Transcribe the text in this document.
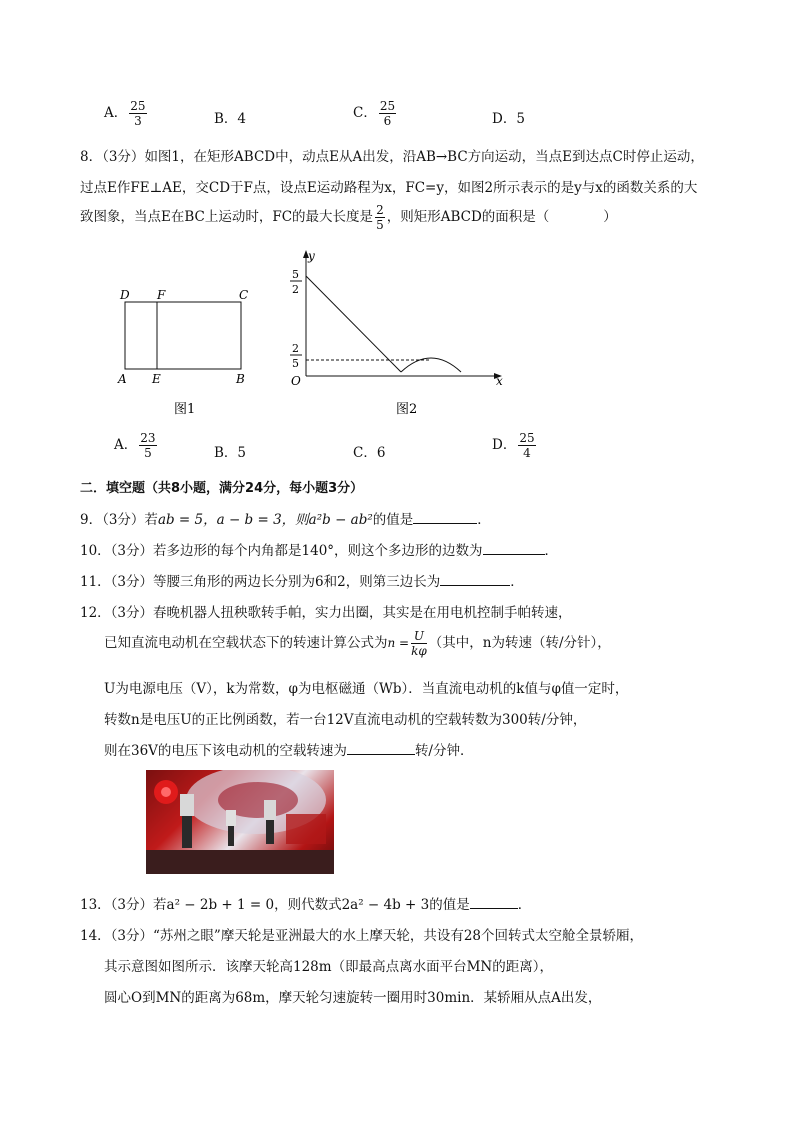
A． $\frac{25}{3}$	B．4	C． $\frac{25}{6}$	D．5
8．（3分）如图1，在矩形ABCD中，动点E从A出发，沿AB→BC方向运动，当点E到达点C时停止运动，
过点E作FE⊥AE，交CD于F点，设点E运动路程为x，FC=y，如图2所示表示的是y与x的函数关系的大
致图象，当点E在BC上运动时，FC的最大长度是 $\frac{2}{5}$ ，则矩形ABCD的面积是（　　　　）
D F	C
A E	B
图1
y
x
O
5
2
2
5
图2
A． $\frac{23}{5}$	B．5	C．6	D． $\frac{25}{4}$
二．填空题（共8小题，满分24分，每小题3分）
9．（3分）若ab = 5，a − b = 3，则a²b − ab²的值是	．
10．（3分）若多边形的每个内角都是140°，则这个多边形的边数为	．
11．（3分）等腰三角形的两边长分别为6和2，则第三边长为	．
12．（3分）春晚机器人扭秧歌转手帕，实力出圈，其实是在用电机控制手帕转速，
已知直流电动机在空载状态下的转速计算公式为$n = \frac{U}{k\varphi}$ （其中，n为转速（转/分针），
U为电源电压（V），k为常数，φ为电枢磁通（Wb）．当直流电动机的k值与φ值一定时，
转数n是电压U的正比例函数，若一台12V直流电动机的空载转数为300转/分钟，
则在36V的电压下该电动机的空载转速为	转/分钟．
13．（3分）若a² − 2b + 1 = 0，则代数式2a² − 4b + 3的值是	．
14．（3分）“苏州之眼”摩天轮是亚洲最大的水上摩天轮，共设有28个回转式太空舱全景轿厢，
其示意图如图所示．该摩天轮高128m（即最高点离水面平台MN的距离），
圆心O到MN的距离为68m，摩天轮匀速旋转一圈用时30min．某轿厢从点A出发，
